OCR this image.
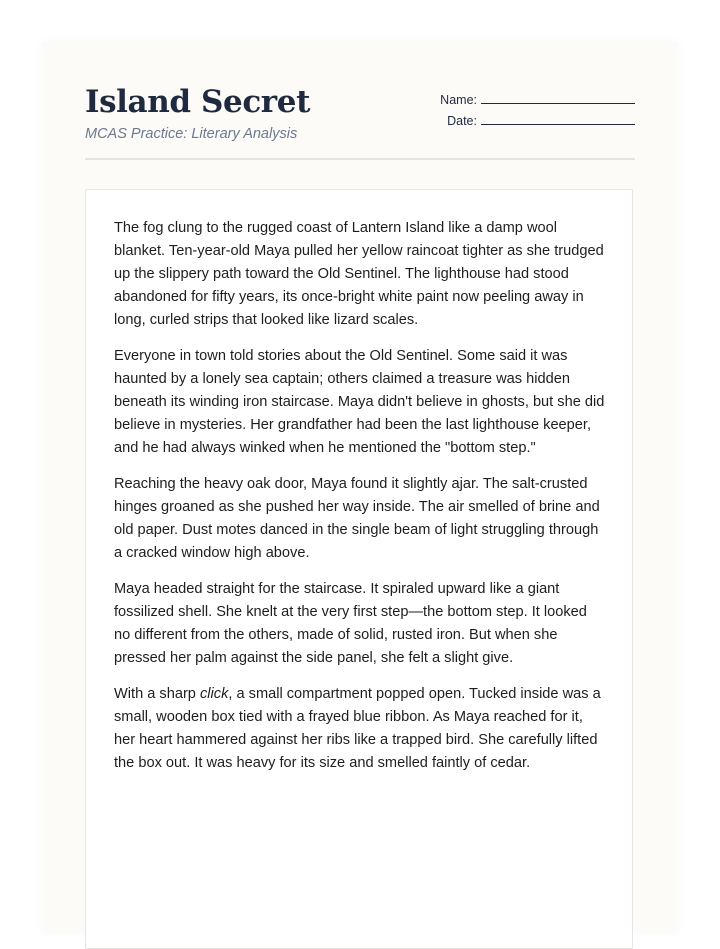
Island Secret
MCAS Practice: Literary Analysis
Name:
Date:

The fog clung to the rugged coast of Lantern Island like a damp wool blanket. Ten-year-old Maya pulled her yellow raincoat tighter as she trudged up the slippery path toward the Old Sentinel. The lighthouse had stood abandoned for fifty years, its once-bright white paint now peeling away in long, curled strips that looked like lizard scales.

Everyone in town told stories about the Old Sentinel. Some said it was haunted by a lonely sea captain; others claimed a treasure was hidden beneath its winding iron staircase. Maya didn't believe in ghosts, but she did believe in mysteries. Her grandfather had been the last lighthouse keeper, and he had always winked when he mentioned the "bottom step."

Reaching the heavy oak door, Maya found it slightly ajar. The salt-crusted hinges groaned as she pushed her way inside. The air smelled of brine and old paper. Dust motes danced in the single beam of light struggling through a cracked window high above.

Maya headed straight for the staircase. It spiraled upward like a giant fossilized shell. She knelt at the very first step—the bottom step. It looked no different from the others, made of solid, rusted iron. But when she pressed her palm against the side panel, she felt a slight give.

With a sharp click, a small compartment popped open. Tucked inside was a small, wooden box tied with a frayed blue ribbon. As Maya reached for it, her heart hammered against her ribs like a trapped bird. She carefully lifted the box out. It was heavy for its size and smelled faintly of cedar.
